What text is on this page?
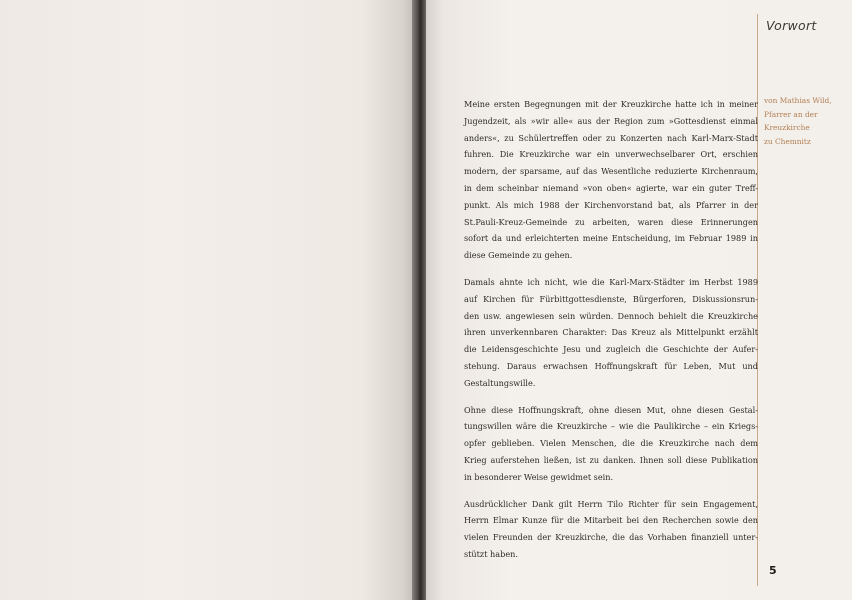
Vorwort
von Mathias Wild,
Pfarrer an der
Kreuzkirche
zu Chemnitz
Meine ersten Begegnungen mit der Kreuzkirche hatte ich in meiner
Jugendzeit, als »wir alle« aus der Region zum »Gottesdienst einmal
anders«, zu Schülertreffen oder zu Konzerten nach Karl-Marx-Stadt
fuhren. Die Kreuzkirche war ein unverwechselbarer Ort, erschien
modern, der sparsame, auf das Wesentliche reduzierte Kirchenraum,
in dem scheinbar niemand »von oben« agierte, war ein guter Treff-
punkt. Als mich 1988 der Kirchenvorstand bat, als Pfarrer in der
St.Pauli-Kreuz-Gemeinde zu arbeiten, waren diese Erinnerungen
sofort da und erleichterten meine Entscheidung, im Februar 1989 in
diese Gemeinde zu gehen.
Damals ahnte ich nicht, wie die Karl-Marx-Städter im Herbst 1989
auf Kirchen für Fürbittgottesdienste, Bürgerforen, Diskussionsrun-
den usw. angewiesen sein würden. Dennoch behielt die Kreuzkirche
ihren unverkennbaren Charakter: Das Kreuz als Mittelpunkt erzählt
die Leidensgeschichte Jesu und zugleich die Geschichte der Aufer-
stehung. Daraus erwachsen Hoffnungskraft für Leben, Mut und
Gestaltungswille.
Ohne diese Hoffnungskraft, ohne diesen Mut, ohne diesen Gestal-
tungswillen wäre die Kreuzkirche – wie die Paulikirche – ein Kriegs-
opfer geblieben. Vielen Menschen, die die Kreuzkirche nach dem
Krieg auferstehen ließen, ist zu danken. Ihnen soll diese Publikation
in besonderer Weise gewidmet sein.
Ausdrücklicher Dank gilt Herrn Tilo Richter für sein Engagement,
Herrn Elmar Kunze für die Mitarbeit bei den Recherchen sowie den
vielen Freunden der Kreuzkirche, die das Vorhaben finanziell unter-
stützt haben.
5
